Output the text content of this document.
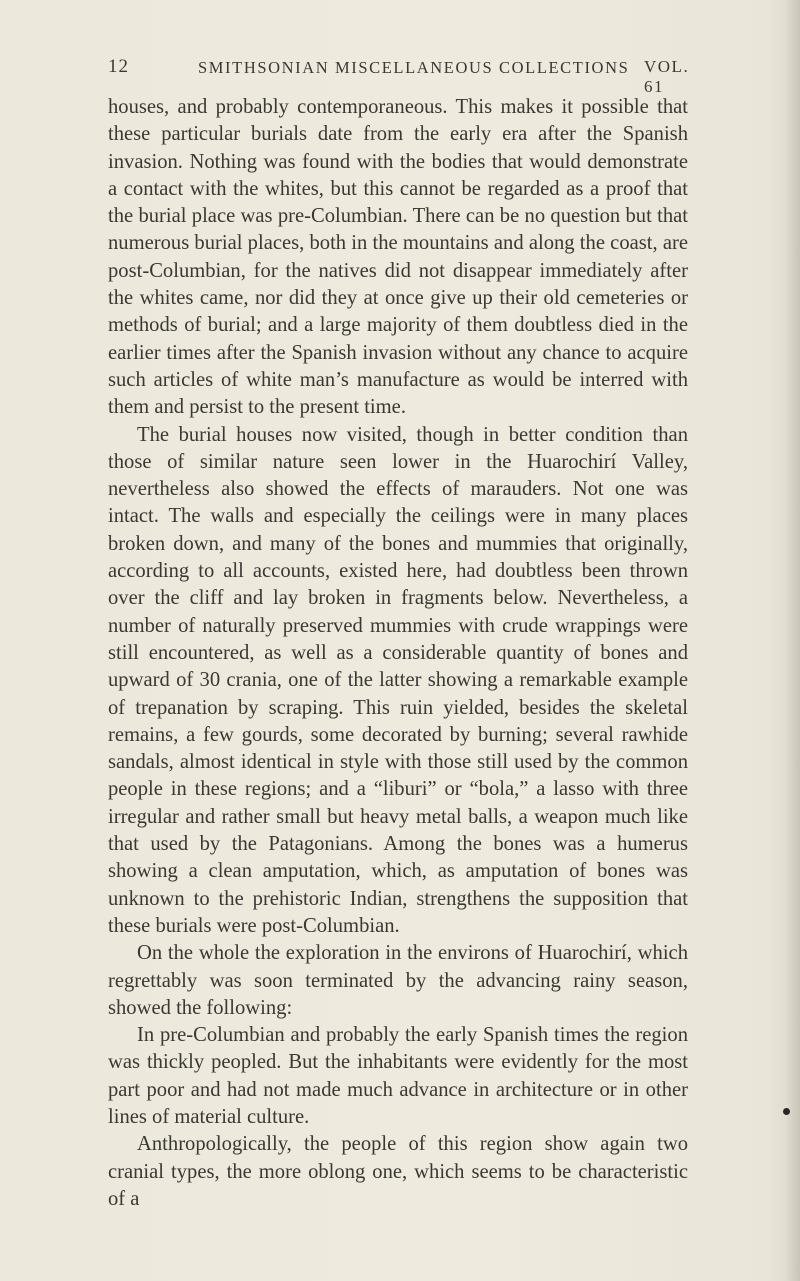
12	SMITHSONIAN MISCELLANEOUS COLLECTIONS VOL. 61

houses, and probably contemporaneous. This makes it possible that these particular burials date from the early era after the Spanish invasion. Nothing was found with the bodies that would demonstrate a contact with the whites, but this cannot be regarded as a proof that the burial place was pre-Columbian. There can be no question but that numerous burial places, both in the mountains and along the coast, are post-Columbian, for the natives did not disappear immediately after the whites came, nor did they at once give up their old cemeteries or methods of burial; and a large majority of them doubtless died in the earlier times after the Spanish invasion without any chance to acquire such articles of white man’s manufacture as would be interred with them and persist to the present time.

The burial houses now visited, though in better condition than those of similar nature seen lower in the Huarochirí Valley, nevertheless also showed the effects of marauders. Not one was intact. The walls and especially the ceilings were in many places broken down, and many of the bones and mummies that originally, according to all accounts, existed here, had doubtless been thrown over the cliff and lay broken in fragments below. Nevertheless, a number of naturally preserved mummies with crude wrappings were still encountered, as well as a considerable quantity of bones and upward of 30 crania, one of the latter showing a remarkable example of trepanation by scraping. This ruin yielded, besides the skeletal remains, a few gourds, some decorated by burning; several rawhide sandals, almost identical in style with those still used by the common people in these regions; and a “liburi” or “bola,” a lasso with three irregular and rather small but heavy metal balls, a weapon much like that used by the Patagonians. Among the bones was a humerus showing a clean amputation, which, as amputation of bones was unknown to the prehistoric Indian, strengthens the supposition that these burials were post-Columbian.

On the whole the exploration in the environs of Huarochirí, which regrettably was soon terminated by the advancing rainy season, showed the following:

In pre-Columbian and probably the early Spanish times the region was thickly peopled. But the inhabitants were evidently for the most part poor and had not made much advance in architecture or in other lines of material culture.

Anthropologically, the people of this region show again two cranial types, the more oblong one, which seems to be characteristic of a
